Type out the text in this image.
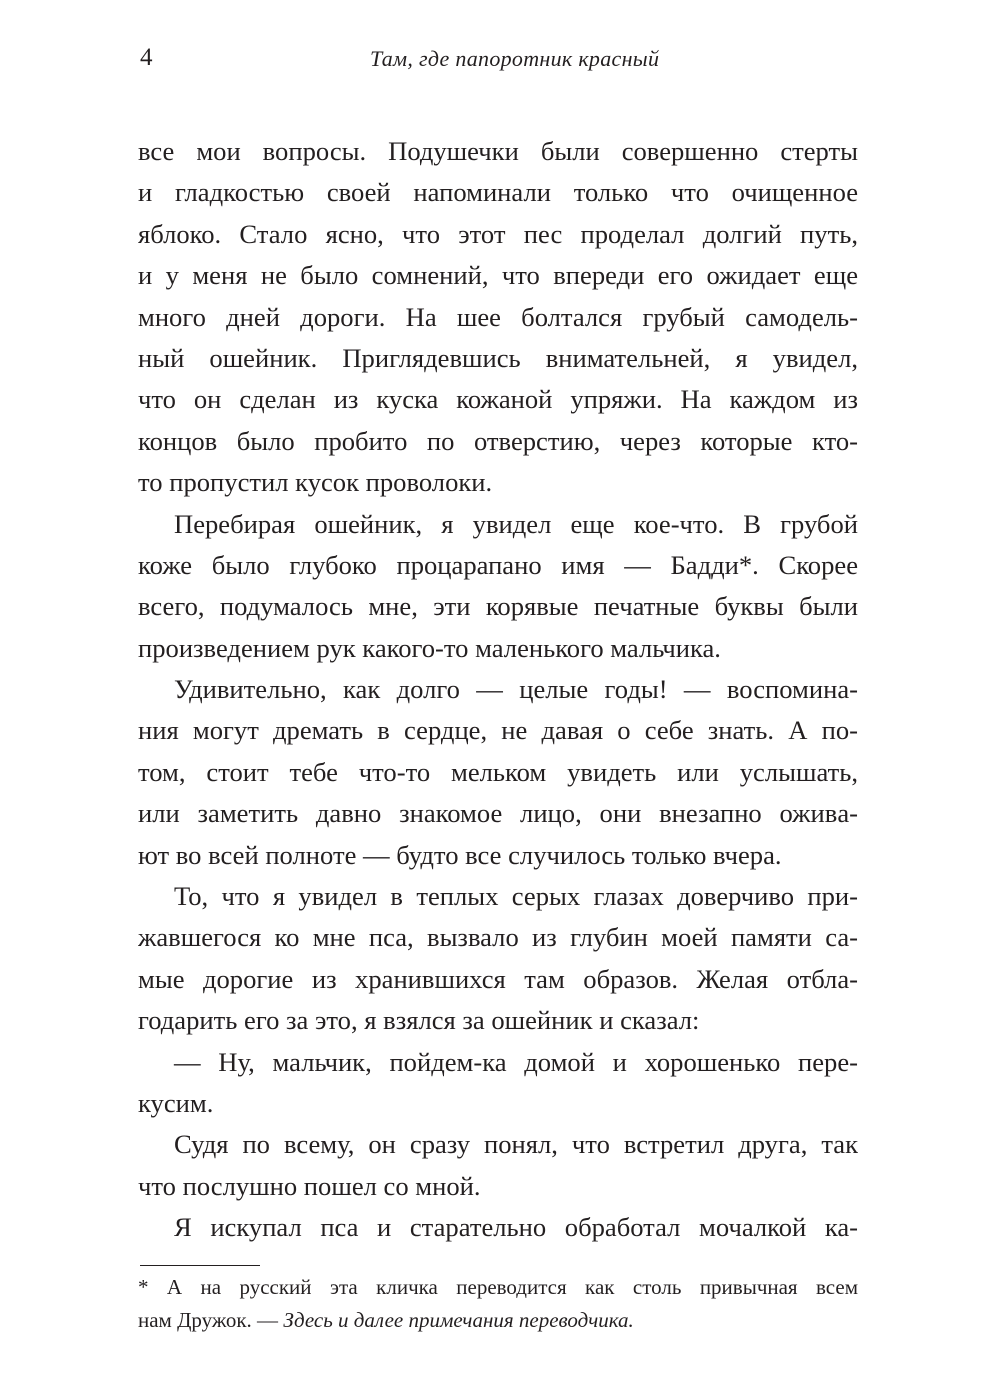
4	Там, где папоротник красный
все мои вопросы. Подушечки были совершенно стерты
и гладкостью своей напоминали только что очищенное
яблоко. Стало ясно, что этот пес проделал долгий путь,
и у меня не было сомнений, что впереди его ожидает еще
много дней дороги. На шее болтался грубый самодель-
ный ошейник. Приглядевшись внимательней, я увидел,
что он сделан из куска кожаной упряжи. На каждом из
концов было пробито по отверстию, через которые кто-
то пропустил кусок проволоки.
Перебирая ошейник, я увидел еще кое-что. В грубой
коже было глубоко процарапано имя — Бадди*. Скорее
всего, подумалось мне, эти корявые печатные буквы были
произведением рук какого-то маленького мальчика.
Удивительно, как долго — целые годы! — воспомина-
ния могут дремать в сердце, не давая о себе знать. А по-
том, стоит тебе что-то мельком увидеть или услышать,
или заметить давно знакомое лицо, они внезапно оживa-
ют во всей полноте — будто все случилось только вчера.
То, что я увидел в теплых серых глазах доверчиво при-
жавшегося ко мне пса, вызвало из глубин моей памяти са-
мые дорогие из хранившихся там образов. Желая отбла-
годарить его за это, я взялся за ошейник и сказал:
— Ну, мальчик, пойдем-ка домой и хорошенько пере-
кусим.
Судя по всему, он сразу понял, что встретил друга, так
что послушно пошел со мной.
Я искупал пса и старательно обработал мочалкой ка-
* А на русский эта кличка переводится как столь привычная всем
нам Дружок. — Здесь и далее примечания переводчика.
